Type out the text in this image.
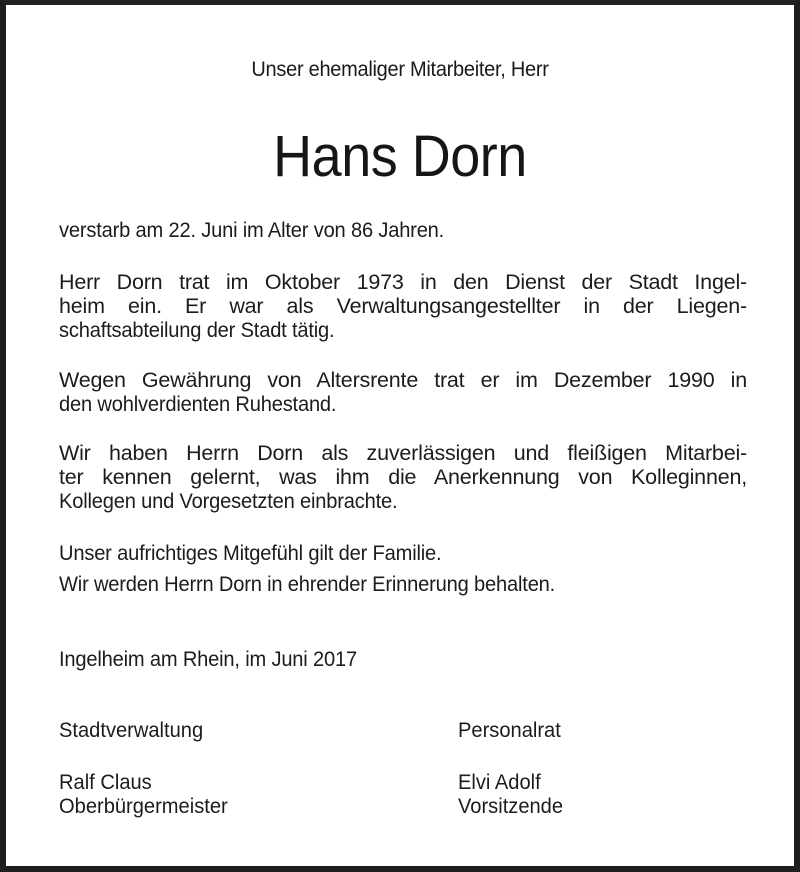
Unser ehemaliger Mitarbeiter, Herr

Hans Dorn
verstarb am 22. Juni im Alter von 86 Jahren.
Herr Dorn trat im Oktober 1973 in den Dienst der Stadt Ingel-
heim ein. Er war als Verwaltungsangestellter in der Liegen-
schaftsabteilung der Stadt tätig.
Wegen Gewährung von Altersrente trat er im Dezember 1990 in
den wohlverdienten Ruhestand.
Wir haben Herrn Dorn als zuverlässigen und fleißigen Mitarbei-
ter kennen gelernt, was ihm die Anerkennung von Kolleginnen,
Kollegen und Vorgesetzten einbrachte.
Unser aufrichtiges Mitgefühl gilt der Familie.
Wir werden Herrn Dorn in ehrender Erinnerung behalten.
Ingelheim am Rhein, im Juni 2017
Stadtverwaltung
Ralf Claus
Oberbürgermeister
Personalrat
Elvi Adolf
Vorsitzende
